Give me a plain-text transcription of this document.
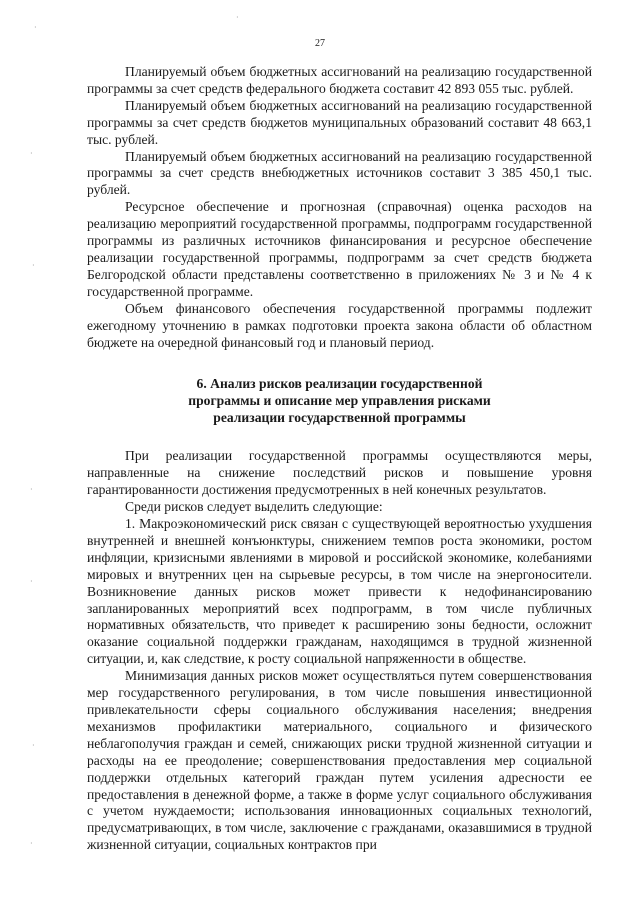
·
·
·
·
·
·
·
·
27

Планируемый объем бюджетных ассигнований на реализацию государственной программы за счет средств федерального бюджета составит 42 893 055 тыс. рублей.

Планируемый объем бюджетных ассигнований на реализацию государственной программы за счет средств бюджетов муниципальных образований составит 48 663,1 тыс. рублей.

Планируемый объем бюджетных ассигнований на реализацию государственной программы за счет средств внебюджетных источников составит 3 385 450,1 тыс. рублей.

Ресурсное обеспечение и прогнозная (справочная) оценка расходов на реализацию мероприятий государственной программы, подпрограмм государственной программы из различных источников финансирования и ресурсное обеспечение реализации государственной программы, подпрограмм за счет средств бюджета Белгородской области представлены соответственно в приложениях № 3 и № 4 к государственной программе.

Объем финансового обеспечения государственной программы подлежит ежегодному уточнению в рамках подготовки проекта закона области об областном бюджете на очередной финансовый год и плановый период.

6. Анализ рисков реализации государственной
программы и описание мер управления рисками
реализации государственной программы

При реализации государственной программы осуществляются меры, направленные на снижение последствий рисков и повышение уровня гарантированности достижения предусмотренных в ней конечных результатов.

Среди рисков следует выделить следующие:

1. Макроэкономический риск связан с существующей вероятностью ухудшения внутренней и внешней конъюнктуры, снижением темпов роста экономики, ростом инфляции, кризисными явлениями в мировой и российской экономике, колебаниями мировых и внутренних цен на сырьевые ресурсы, в том числе на энергоносители. Возникновение данных рисков может привести к недофинансированию запланированных мероприятий всех подпрограмм, в том числе публичных нормативных обязательств, что приведет к расширению зоны бедности, осложнит оказание социальной поддержки гражданам, находящимся в трудной жизненной ситуации, и, как следствие, к росту социальной напряженности в обществе.

Минимизация данных рисков может осуществляться путем совершенствования мер государственного регулирования, в том числе повышения инвестиционной привлекательности сферы социального обслуживания населения; внедрения механизмов профилактики материального, социального и физического неблагополучия граждан и семей, снижающих риски трудной жизненной ситуации и расходы на ее преодоление; совершенствования предоставления мер социальной поддержки отдельных категорий граждан путем усиления адресности ее предоставления в денежной форме, а также в форме услуг социального обслуживания с учетом нуждаемости; использования инновационных социальных технологий, предусматривающих, в том числе, заключение с гражданами, оказавшимися в трудной жизненной ситуации, социальных контрактов при
